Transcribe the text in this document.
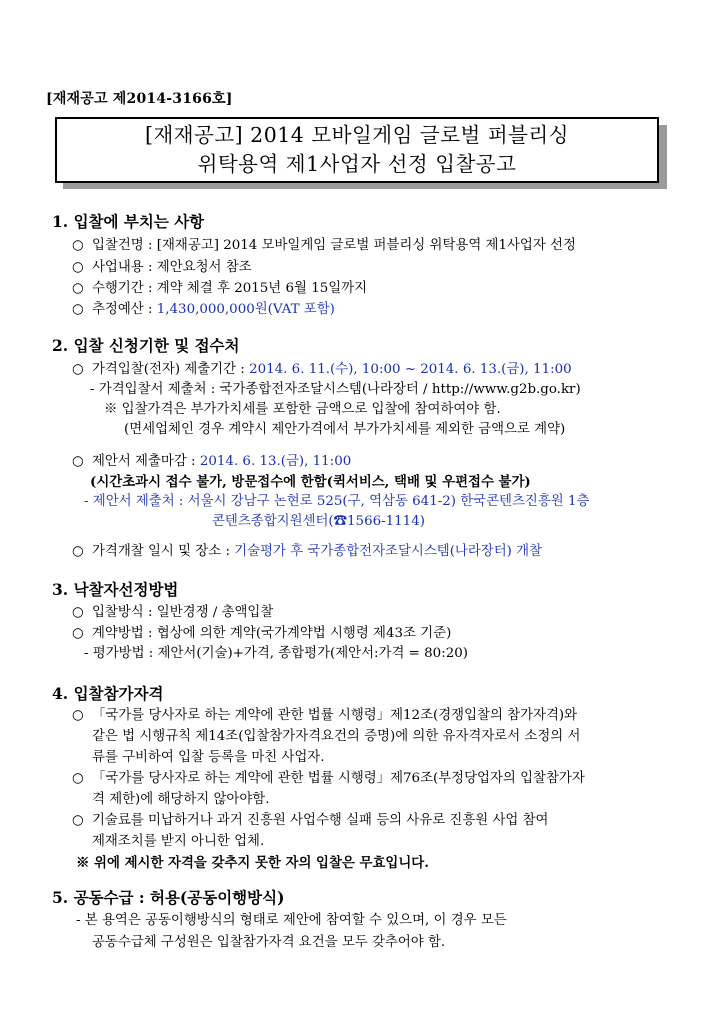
[재재공고 제2014-3166호]
[재재공고] 2014 모바일게임 글로벌 퍼블리싱
위탁용역 제1사업자 선정 입찰공고
1. 입찰에 부치는 사항
○ 입찰건명 : [재재공고] 2014 모바일게임 글로벌 퍼블리싱 위탁용역 제1사업자 선정
○ 사업내용 : 제안요청서 참조
○ 수행기간 : 계약 체결 후 2015년 6월 15일까지
○ 추정예산 : 1,430,000,000원(VAT 포함)
2. 입찰 신청기한 및 접수처
○ 가격입찰(전자) 제출기간 : 2014. 6. 11.(수), 10:00 ~ 2014. 6. 13.(금), 11:00
- 가격입찰서 제출처 : 국가종합전자조달시스템(나라장터 / http://www.g2b.go.kr)
※ 입찰가격은 부가가치세를 포함한 금액으로 입찰에 참여하여야 함.
(면세업체인 경우 계약시 제안가격에서 부가가치세를 제외한 금액으로 계약)
○ 제안서 제출마감 : 2014. 6. 13.(금), 11:00
(시간초과시 접수 불가, 방문접수에 한함(퀵서비스, 택배 및 우편접수 불가)
- 제안서 제출처 : 서울시 강남구 논현로 525(구, 역삼동 641-2) 한국콘텐츠진흥원 1층
콘텐츠종합지원센터(☎1566-1114)
○ 가격개찰 일시 및 장소 : 기술평가 후 국가종합전자조달시스템(나라장터) 개찰
3. 낙찰자선정방법
○ 입찰방식 : 일반경쟁 / 총액입찰
○ 계약방법 : 협상에 의한 계약(국가계약법 시행령 제43조 기준)
- 평가방법 : 제안서(기술)+가격, 종합평가(제안서:가격 = 80:20)
4. 입찰참가자격
○ 「국가를 당사자로 하는 계약에 관한 법률 시행령」제12조(경쟁입찰의 참가자격)와
같은 법 시행규칙 제14조(입찰참가자격요건의 증명)에 의한 유자격자로서 소정의 서
류를 구비하여 입찰 등록을 마친 사업자.
○ 「국가를 당사자로 하는 계약에 관한 법률 시행령」제76조(부정당업자의 입찰참가자
격 제한)에 해당하지 않아야함.
○ 기술료를 미납하거나 과거 진흥원 사업수행 실패 등의 사유로 진흥원 사업 참여
제재조치를 받지 아니한 업체.
※ 위에 제시한 자격을 갖추지 못한 자의 입찰은 무효입니다.
5. 공동수급 : 허용(공동이행방식)
- 본 용역은 공동이행방식의 형태로 제안에 참여할 수 있으며, 이 경우 모든
공동수급체 구성원은 입찰참가자격 요건을 모두 갖추어야 함.
